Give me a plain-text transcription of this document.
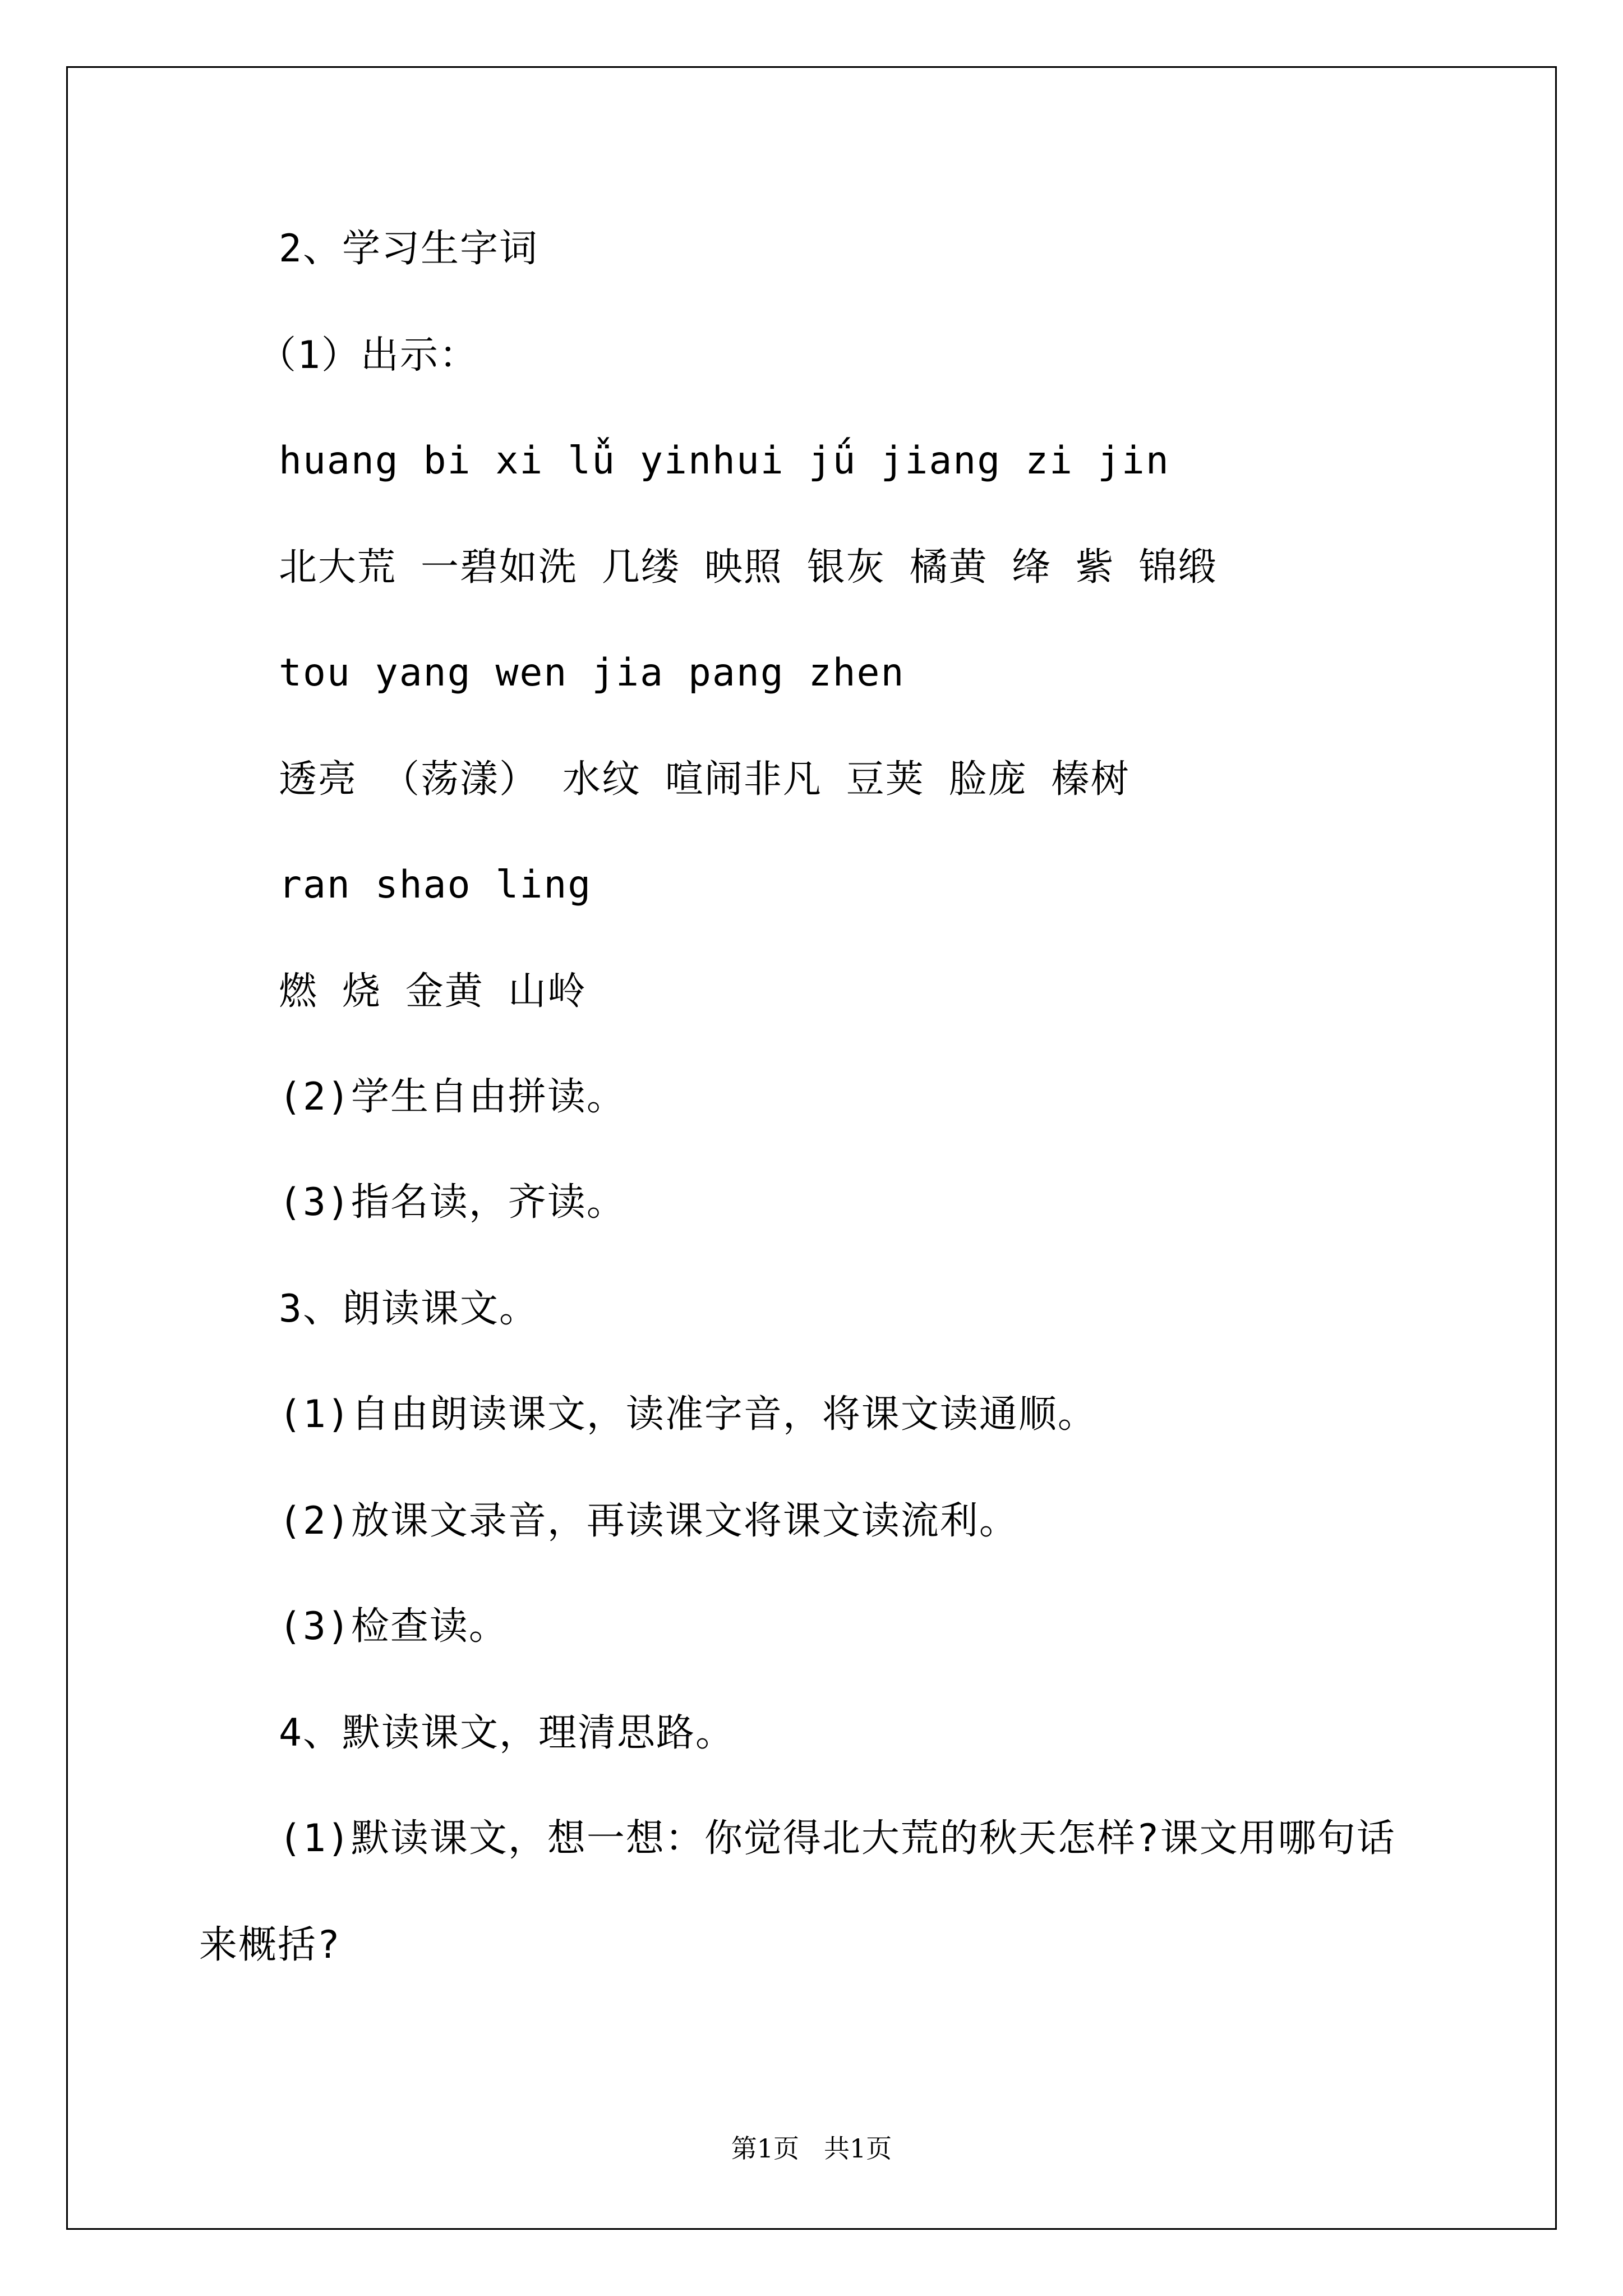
2、学习生字词
（1）出示：
huang bi xi lǚ yinhui jǘ jiang zi jin
北大荒 一碧如洗 几缕 映照 银灰 橘黄 绛 紫 锦缎
tou yang wen jia pang zhen
透亮 （荡漾） 水纹 喧闹非凡 豆荚 脸庞 榛树
ran shao ling
燃 烧 金黄 山岭
(2)学生自由拼读。
(3)指名读，齐读。
3、朗读课文。
(1)自由朗读课文，读准字音，将课文读通顺。
(2)放课文录音，再读课文将课文读流利。
(3)检查读。
4、默读课文，理清思路。
(1)默读课文，想一想：你觉得北大荒的秋天怎样?课文用哪句话
来概括?
第1页 共1页
